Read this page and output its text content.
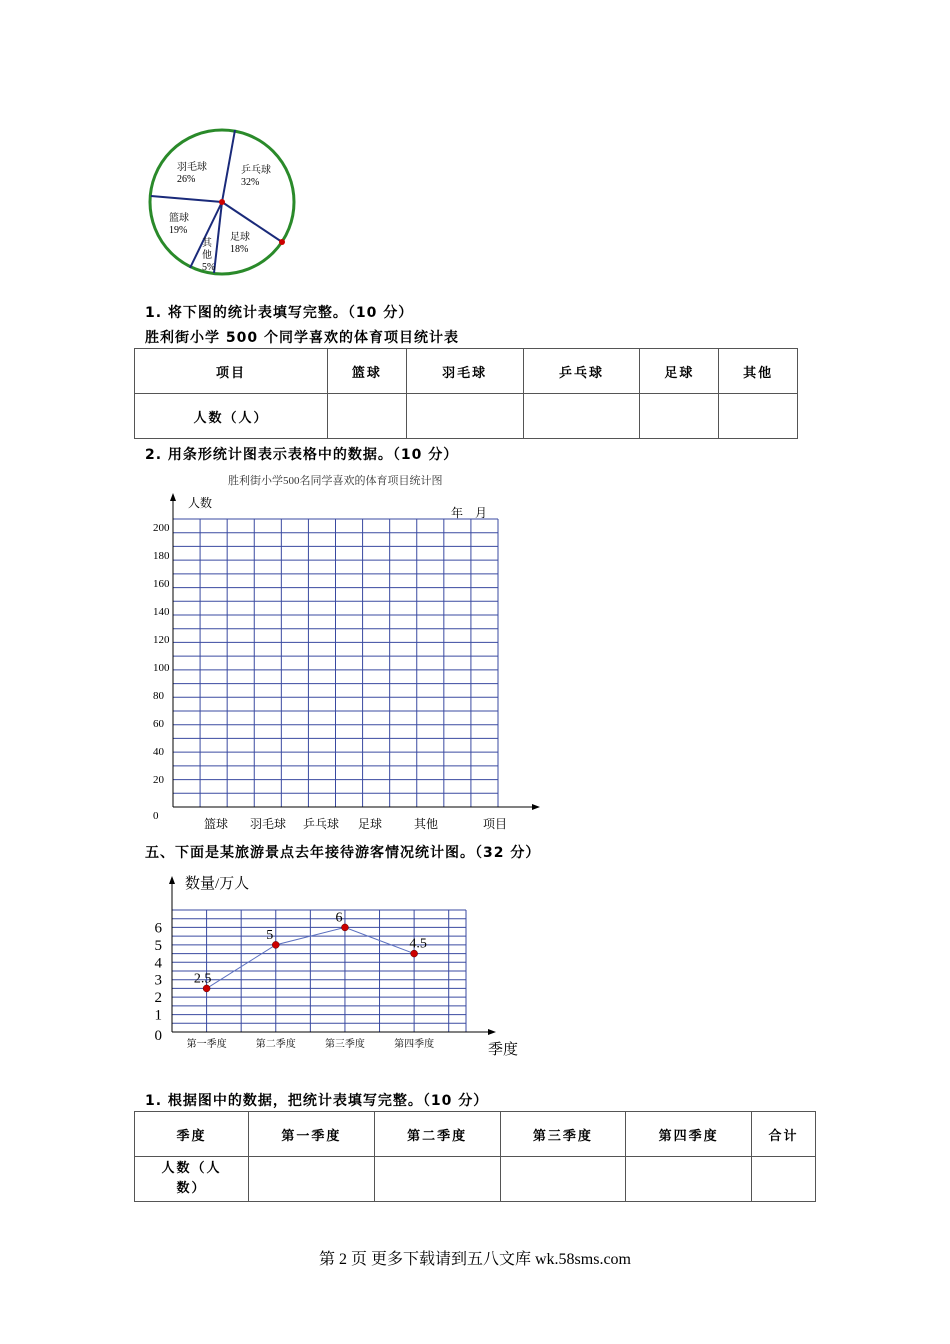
羽毛球
26%
乒乓球
32%
篮球
19%
足球
18%
其
他
5%
1. 将下图的统计表填写完整。（10 分）
胜利街小学 500 个同学喜欢的体育项目统计表
项目	篮球	羽毛球	乒乓球	足球	其他
人数（人）					
2. 用条形统计图表示表格中的数据。（10 分）
胜利街小学500名同学喜欢的体育项目统计图
人数
年    月
0
20
40
60
80
100
120
140
160
180
200
篮球 羽毛球 乒乓球 足球	其他	项目
五、下面是某旅游景点去年接待游客情况统计图。（32 分）
数量/万人
0
1
2
3
4
5
6
第一季度	第二季度	第三季度	第四季度
2.5
5
6
4.5
季度
1. 根据图中的数据，把统计表填写完整。（10 分）
季度	第一季度	第二季度	第三季度	第四季度	合计

人数（人
数）					

第 2 页 更多下载请到五八文库 wk.58sms.com
